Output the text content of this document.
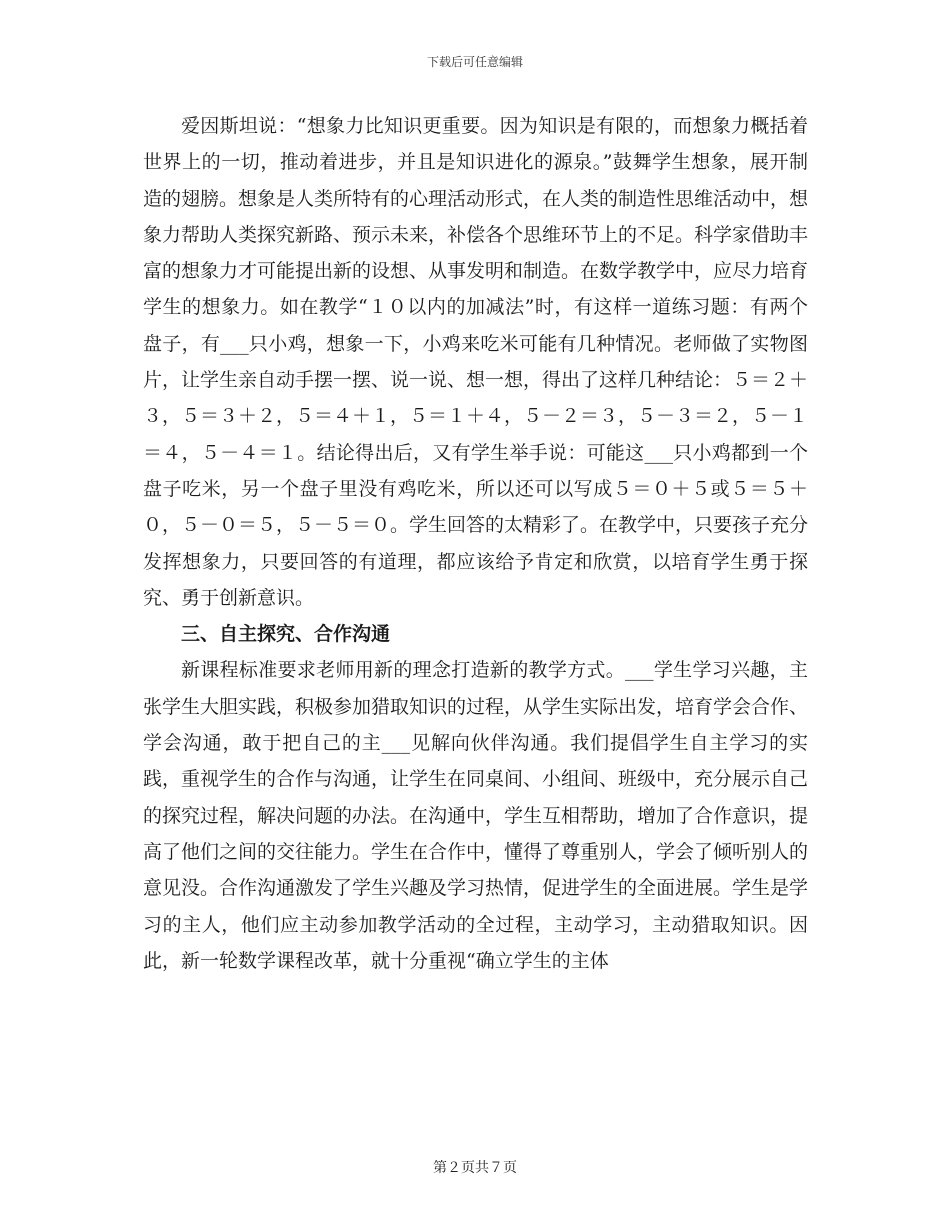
下载后可任意编辑

爱因斯坦说：“想象力比知识更重要。因为知识是有限的，而想象力概括着世界上的一切，推动着进步，并且是知识进化的源泉。”鼓舞学生想象，展开制造的翅膀。想象是人类所特有的心理活动形式，在人类的制造性思维活动中，想象力帮助人类探究新路、预示未来，补偿各个思维环节上的不足。科学家借助丰富的想象力才可能提出新的设想、从事发明和制造。在数学教学中，应尽力培育学生的想象力。如在教学“１０以内的加减法”时，有这样一道练习题：有两个盘子，有___只小鸡，想象一下，小鸡来吃米可能有几种情况。老师做了实物图片，让学生亲自动手摆一摆、说一说、想一想，得出了这样几种结论：５＝２＋３，５＝３＋２，５＝４＋１，５＝１＋４，５－２＝３，５－３＝２，５－１＝４，５－４＝１。结论得出后，又有学生举手说：可能这___只小鸡都到一个盘子吃米，另一个盘子里没有鸡吃米，所以还可以写成５＝０＋５或５＝５＋０，５－０＝５，５－５＝０。学生回答的太精彩了。在教学中，只要孩子充分发挥想象力，只要回答的有道理，都应该给予肯定和欣赏，以培育学生勇于探究、勇于创新意识。

三、自主探究、合作沟通

新课程标准要求老师用新的理念打造新的教学方式。___学生学习兴趣，主张学生大胆实践，积极参加猎取知识的过程，从学生实际出发，培育学会合作、学会沟通，敢于把自己的主___见解向伙伴沟通。我们提倡学生自主学习的实践，重视学生的合作与沟通，让学生在同桌间、小组间、班级中，充分展示自己的探究过程，解决问题的办法。在沟通中，学生互相帮助，增加了合作意识，提高了他们之间的交往能力。学生在合作中，懂得了尊重别人，学会了倾听别人的意见没。合作沟通激发了学生兴趣及学习热情，促进学生的全面进展。学生是学习的主人，他们应主动参加教学活动的全过程，主动学习，主动猎取知识。因此，新一轮数学课程改革，就十分重视“确立学生的主体

第２页共７页
